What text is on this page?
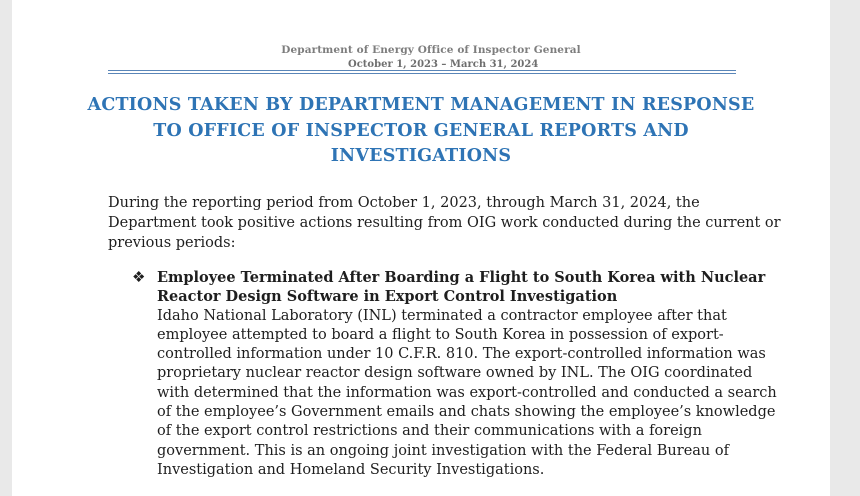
Department of Energy Office of Inspector General
October 1, 2023 – March 31, 2024
ACTIONS TAKEN BY DEPARTMENT MANAGEMENT IN RESPONSE
TO OFFICE OF INSPECTOR GENERAL REPORTS AND
INVESTIGATIONS
During the reporting period from October 1, 2023, through March 31, 2024, the
Department took positive actions resulting from OIG work conducted during the current or
previous periods:
❖ Employee Terminated After Boarding a Flight to South Korea with Nuclear
Reactor Design Software in Export Control Investigation
Idaho National Laboratory (INL) terminated a contractor employee after that
employee attempted to board a flight to South Korea in possession of export-
controlled information under 10 C.F.R. 810. The export-controlled information was
proprietary nuclear reactor design software owned by INL. The OIG coordinated
with determined that the information was export-controlled and conducted a search
of the employee’s Government emails and chats showing the employee’s knowledge
of the export control restrictions and their communications with a foreign
government. This is an ongoing joint investigation with the Federal Bureau of
Investigation and Homeland Security Investigations.
